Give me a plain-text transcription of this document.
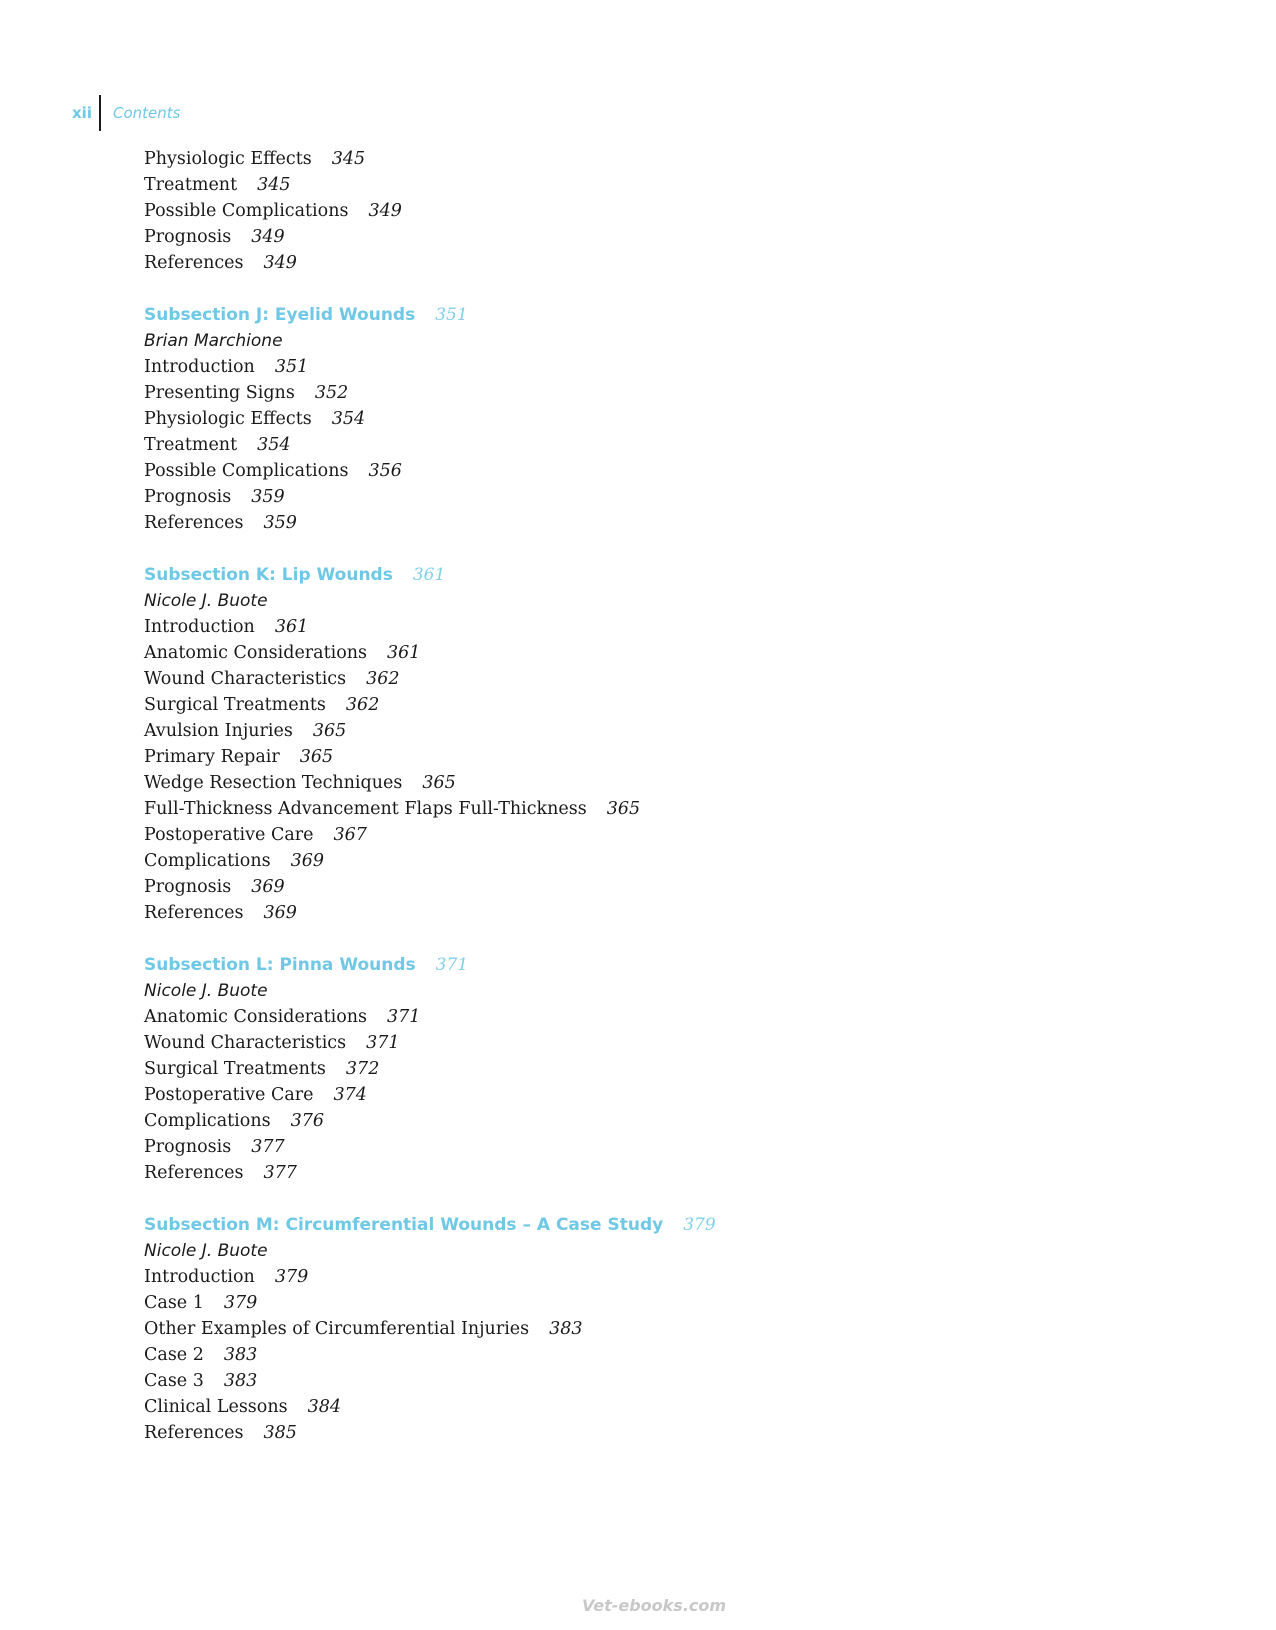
xii	Contents
Physiologic Effects 345
Treatment 345
Possible Complications 349
Prognosis 349
References 349
Subsection J: Eyelid Wounds 351
Brian Marchione
Introduction 351
Presenting Signs 352
Physiologic Effects 354
Treatment 354
Possible Complications 356
Prognosis 359
References 359
Subsection K: Lip Wounds 361
Nicole J. Buote
Introduction 361
Anatomic Considerations 361
Wound Characteristics 362
Surgical Treatments 362
Avulsion Injuries 365
Primary Repair 365
Wedge Resection Techniques 365
Full-Thickness Advancement Flaps Full-Thickness 365
Postoperative Care 367
Complications 369
Prognosis 369
References 369
Subsection L: Pinna Wounds 371
Nicole J. Buote
Anatomic Considerations 371
Wound Characteristics 371
Surgical Treatments 372
Postoperative Care 374
Complications 376
Prognosis 377
References 377
Subsection M: Circumferential Wounds – A Case Study 379
Nicole J. Buote
Introduction 379
Case 1 379
Other Examples of Circumferential Injuries 383
Case 2 383
Case 3 383
Clinical Lessons 384
References 385
Vet-ebooks.com
